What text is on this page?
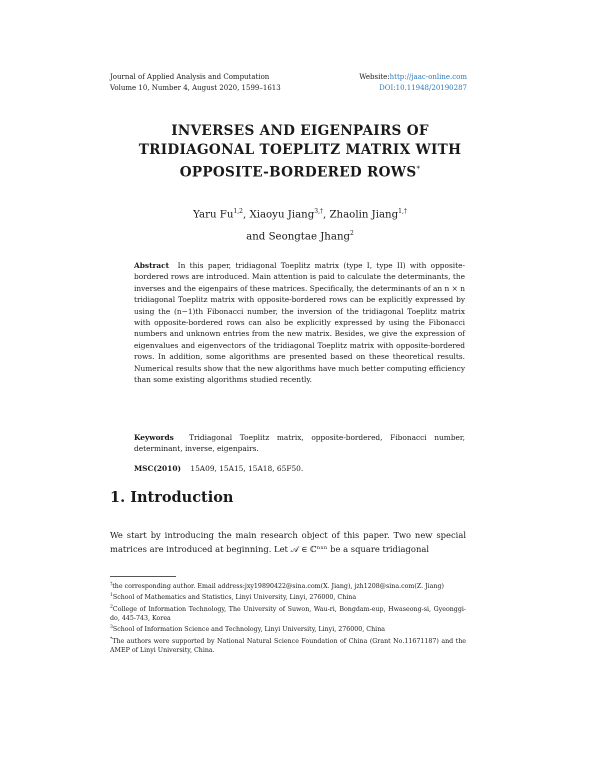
Journal of Applied Analysis and Computation
Volume 10, Number 4, August 2020, 1599–1613
Website:http://jaac-online.com
DOI:10.11948/20190287
INVERSES AND EIGENPAIRS OF
TRIDIAGONAL TOEPLITZ MATRIX WITH
OPPOSITE-BORDERED ROWS*
Yaru Fu$^{1,2}$, Xiaoyu Jiang$^{3,\dagger}$, Zhaolin Jiang$^{1,\dagger}$
and Seongtae Jhang$^2$
Abstract In this paper, tridiagonal Toeplitz matrix (type I, type II) with opposite-bordered rows are introduced. Main attention is paid to calculate the determinants, the inverses and the eigenpairs of these matrices. Specifically, the determinants of an n × n tridiagonal Toeplitz matrix with opposite-bordered rows can be explicitly expressed by using the (n−1)th Fibonacci number, the inversion of the tridiagonal Toeplitz matrix with opposite-bordered rows can also be explicitly expressed by using the Fibonacci numbers and unknown entries from the new matrix. Besides, we give the expression of eigenvalues and eigenvectors of the tridiagonal Toeplitz matrix with opposite-bordered rows. In addition, some algorithms are presented based on these theoretical results. Numerical results show that the new algorithms have much better computing efficiency than some existing algorithms studied recently.
Keywords Tridiagonal Toeplitz matrix, opposite-bordered, Fibonacci number, determinant, inverse, eigenpairs.
MSC(2010) 15A09, 15A15, 15A18, 65F50.
1. Introduction
We start by introducing the main research object of this paper. Two new special matrices are introduced at beginning. Let 𝒜 ∈ ℂⁿˣⁿ be a square tridiagonal

†the corresponding author. Email address:jxy19890422@sina.com(X. Jiang), jzh1208@sina.com(Z. Jiang)

$^1$School of Mathematics and Statistics, Linyi University, Linyi, 276000, China

$^2$College of Information Technology, The University of Suwon, Wau-ri, Bongdam-eup, Hwaseong-si, Gyeonggi-do, 445-743, Korea

$^3$School of Information Science and Technology, Linyi University, Linyi, 276000, China

*The authors were supported by National Natural Science Foundation of China (Grant No.11671187) and the AMEP of Linyi University, China.
